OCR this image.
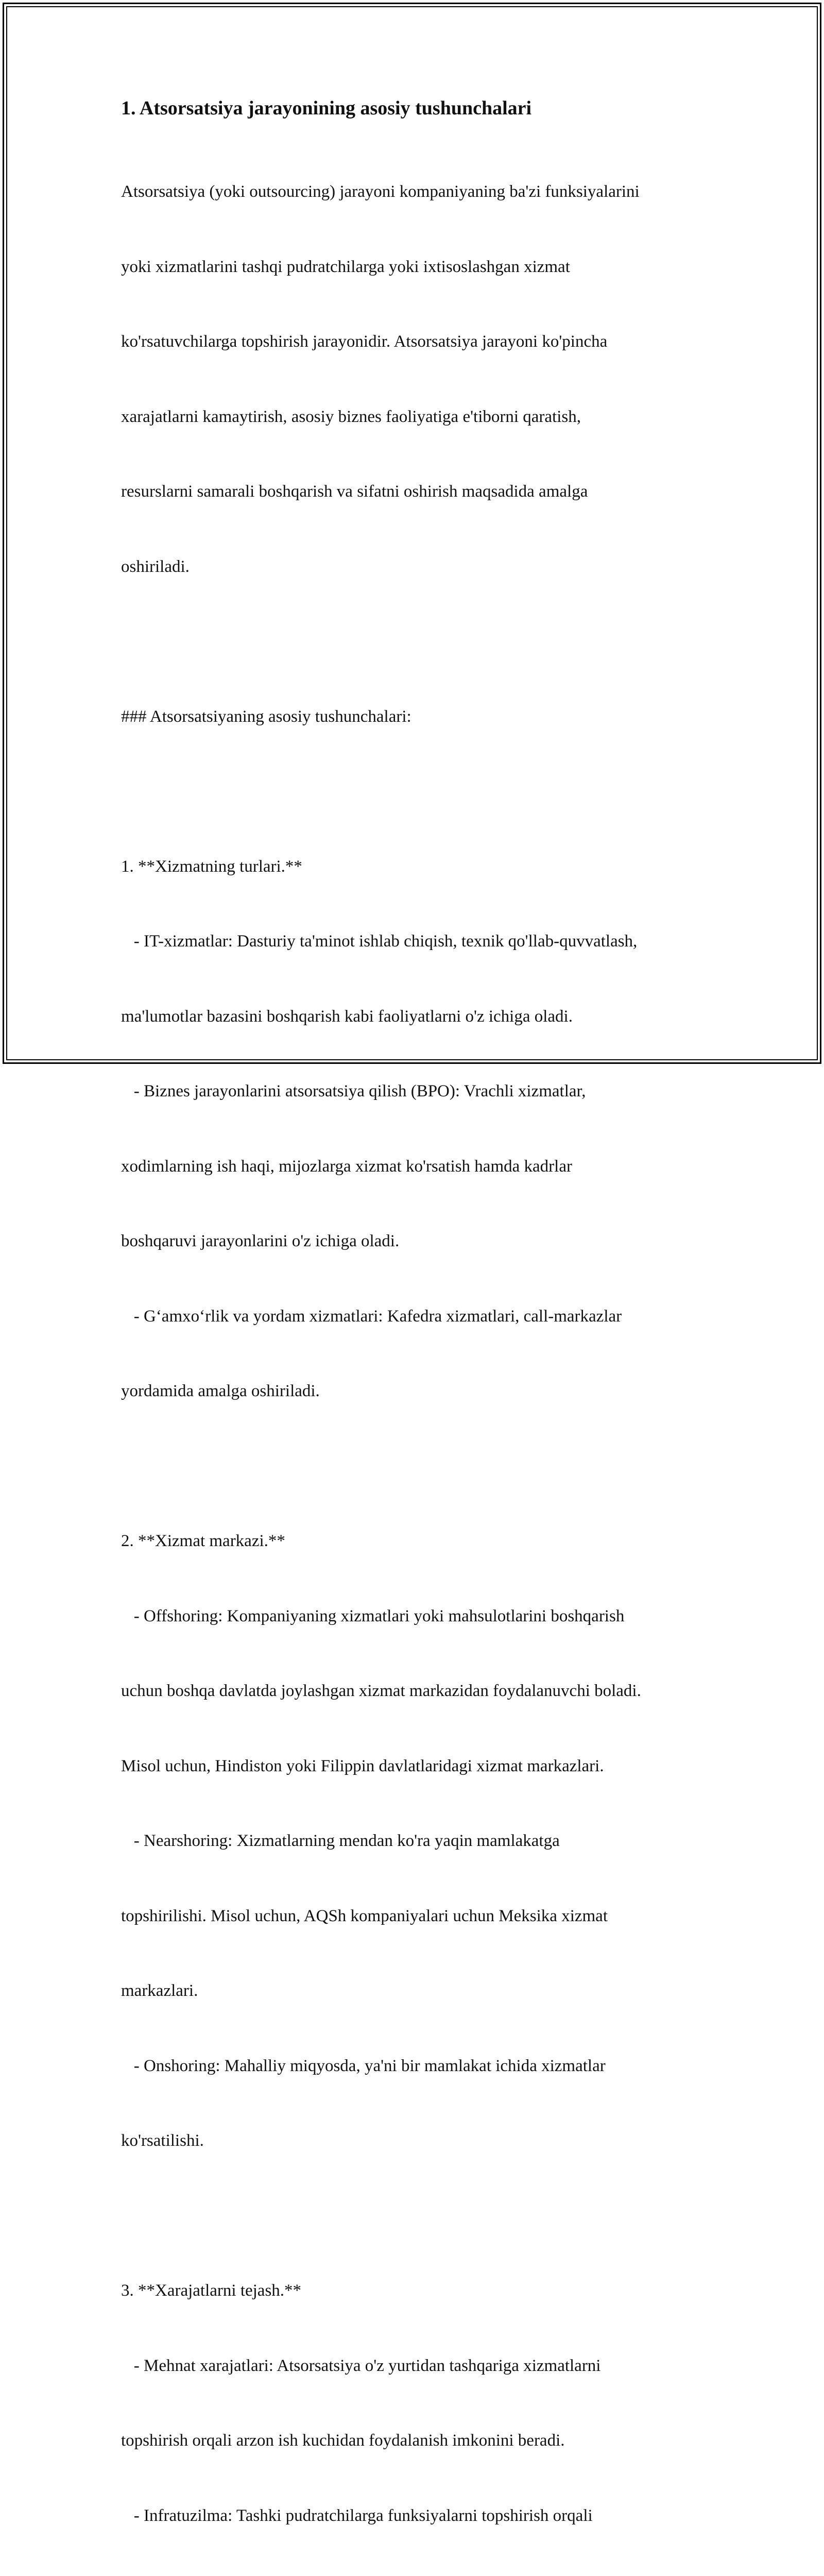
1. Atsorsatsiya jarayonining asosiy tushunchalari

Atsorsatsiya (yoki outsourcing) jarayoni kompaniyaning ba'zi funksiyalarini

yoki xizmatlarini tashqi pudratchilarga yoki ixtisoslashgan xizmat

ko'rsatuvchilarga topshirish jarayonidir. Atsorsatsiya jarayoni ko'pincha

xarajatlarni kamaytirish, asosiy biznes faoliyatiga e'tiborni qaratish,

resurslarni samarali boshqarish va sifatni oshirish maqsadida amalga

oshiriladi.

### Atsorsatsiyaning asosiy tushunchalari:

1. **Xizmatning turlari.**

- IT-xizmatlar: Dasturiy ta'minot ishlab chiqish, texnik qo'llab-quvvatlash,

ma'lumotlar bazasini boshqarish kabi faoliyatlarni o'z ichiga oladi.

- Biznes jarayonlarini atsorsatsiya qilish (BPO): Vrachli xizmatlar,

xodimlarning ish haqi, mijozlarga xizmat ko'rsatish hamda kadrlar

boshqaruvi jarayonlarini o'z ichiga oladi.

- G‘amxo‘rlik va yordam xizmatlari: Kafedra xizmatlari, call-markazlar

yordamida amalga oshiriladi.

2. **Xizmat markazi.**

- Offshoring: Kompaniyaning xizmatlari yoki mahsulotlarini boshqarish

uchun boshqa davlatda joylashgan xizmat markazidan foydalanuvchi boladi.

Misol uchun, Hindiston yoki Filippin davlatlaridagi xizmat markazlari.

- Nearshoring: Xizmatlarning mendan ko'ra yaqin mamlakatga

topshirilishi. Misol uchun, AQSh kompaniyalari uchun Meksika xizmat

markazlari.

- Onshoring: Mahalliy miqyosda, ya'ni bir mamlakat ichida xizmatlar

ko'rsatilishi.

3. **Xarajatlarni tejash.**

- Mehnat xarajatlari: Atsorsatsiya o'z yurtidan tashqariga xizmatlarni

topshirish orqali arzon ish kuchidan foydalanish imkonini beradi.

- Infratuzilma: Tashki pudratchilarga funksiyalarni topshirish orqali
